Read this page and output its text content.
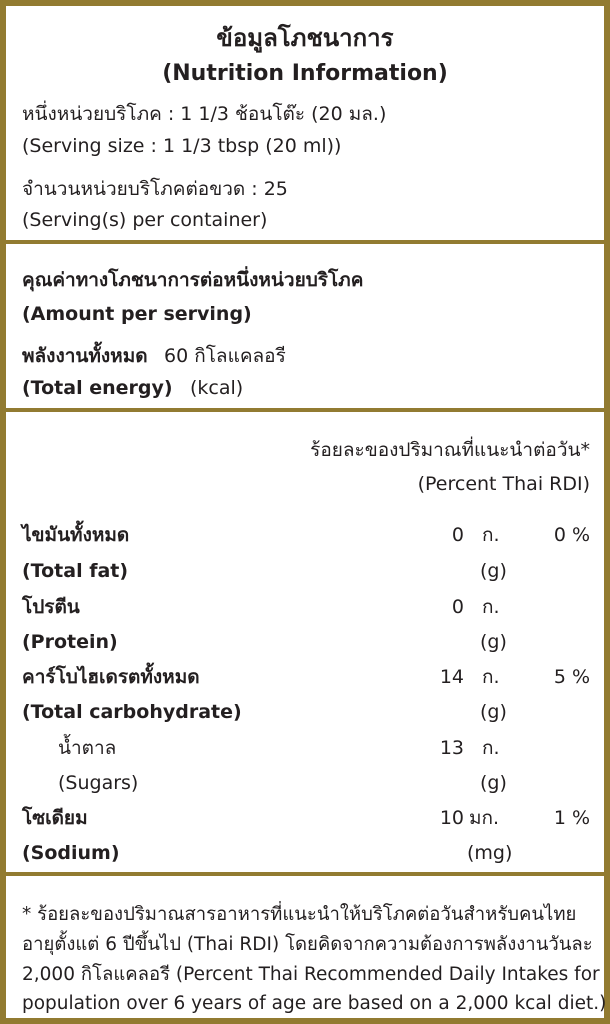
ข้อมูลโภชนาการ
(Nutrition Information)
หนึ่งหน่วยบริโภค : 1 1/3 ช้อนโต๊ะ (20 มล.)
(Serving size : 1 1/3 tbsp (20 ml))
จำนวนหน่วยบริโภคต่อขวด : 25
(Serving(s) per container)
คุณค่าทางโภชนาการต่อหนึ่งหน่วยบริโภค
(Amount per serving)
พลังงานทั้งหมด 60 กิโลแคลอรี
(Total energy) (kcal)
ร้อยละของปริมาณที่แนะนำต่อวัน*
(Percent Thai RDI)
ไขมันทั้งหมด	0 ก.	0 %
(Total fat)	(g)
โปรตีน	0 ก.
(Protein)	(g)
คาร์โบไฮเดรตทั้งหมด	14 ก.	5 %
(Total carbohydrate)	(g)
น้ำตาล	13 ก.
(Sugars)	(g)
โซเดียม	10 มก.	1 %
(Sodium)	(mg)
* ร้อยละของปริมาณสารอาหารที่แนะนำให้บริโภคต่อวันสำหรับคนไทย
อายุตั้งแต่ 6 ปีขึ้นไป (Thai RDI) โดยคิดจากความต้องการพลังงานวันละ
2,000 กิโลแคลอรี (Percent Thai Recommended Daily Intakes for
population over 6 years of age are based on a 2,000 kcal diet.)
